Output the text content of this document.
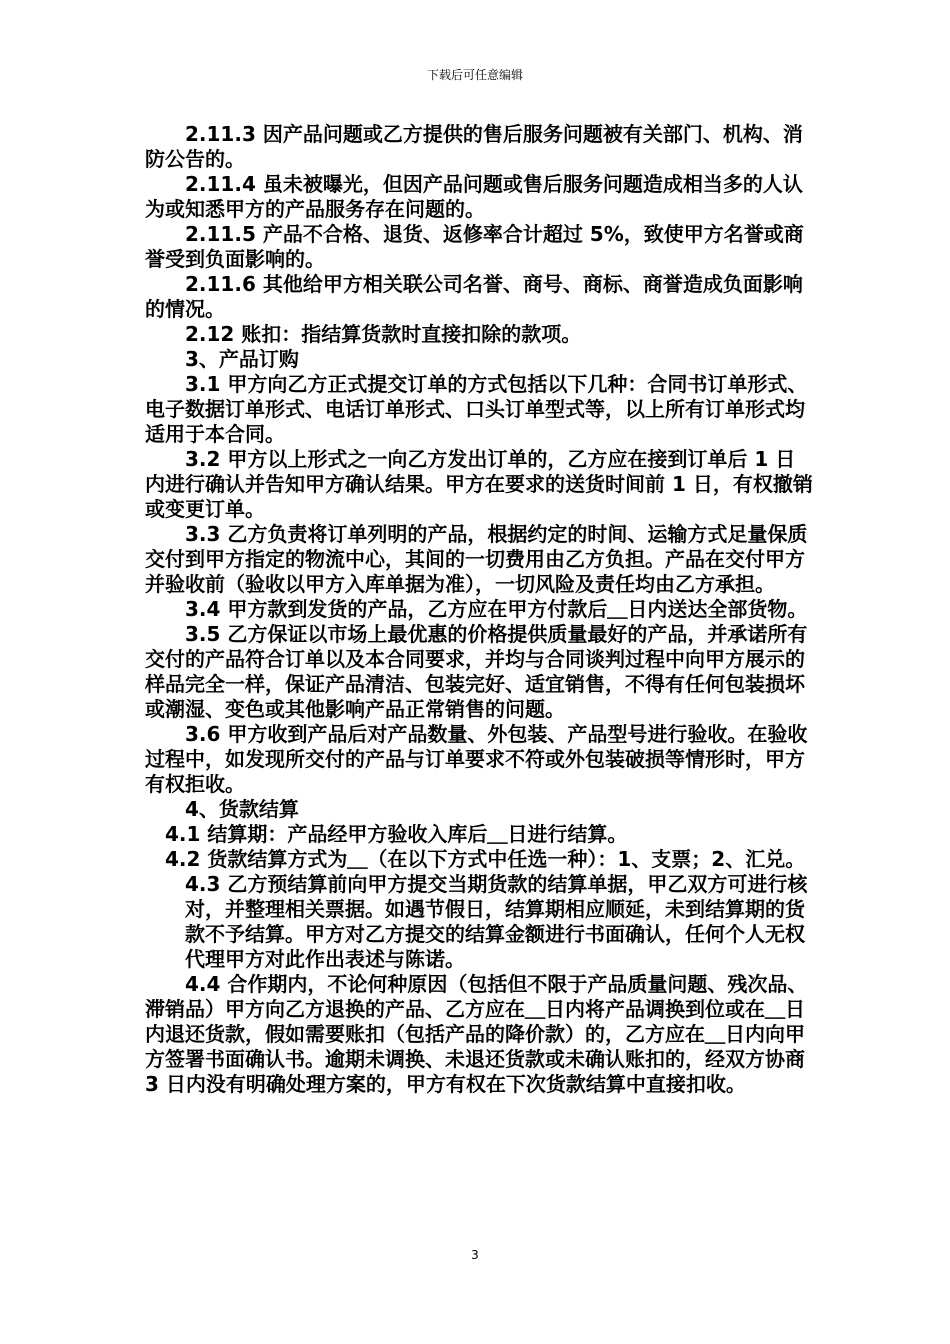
下载后可任意编辑

2.11.3 因产品问题或乙方提供的售后服务问题被有关部门、机构、消防公告的。

2.11.4 虽未被曝光，但因产品问题或售后服务问题造成相当多的人认为或知悉甲方的产品服务存在问题的。

2.11.5 产品不合格、退货、返修率合计超过 5%，致使甲方名誉或商誉受到负面影响的。

2.11.6 其他给甲方相关联公司名誉、商号、商标、商誉造成负面影响的情况。

2.12 账扣：指结算货款时直接扣除的款项。

3、产品订购

3.1 甲方向乙方正式提交订单的方式包括以下几种：合同书订单形式、电子数据订单形式、电话订单形式、口头订单型式等，以上所有订单形式均适用于本合同。

3.2 甲方以上形式之一向乙方发出订单的，乙方应在接到订单后 1 日内进行确认并告知甲方确认结果。甲方在要求的送货时间前 1 日，有权撤销或变更订单。

3.3 乙方负责将订单列明的产品，根据约定的时间、运输方式足量保质交付到甲方指定的物流中心，其间的一切费用由乙方负担。产品在交付甲方并验收前（验收以甲方入库单据为准），一切风险及责任均由乙方承担。

3.4 甲方款到发货的产品，乙方应在甲方付款后＿日内送达全部货物。

3.5 乙方保证以市场上最优惠的价格提供质量最好的产品，并承诺所有交付的产品符合订单以及本合同要求，并均与合同谈判过程中向甲方展示的样品完全一样，保证产品清洁、包装完好、适宜销售，不得有任何包装损坏或潮湿、变色或其他影响产品正常销售的问题。

3.6 甲方收到产品后对产品数量、外包装、产品型号进行验收。在验收过程中，如发现所交付的产品与订单要求不符或外包装破损等情形时，甲方有权拒收。

4、货款结算

4.1 结算期：产品经甲方验收入库后＿日进行结算。

4.2 货款结算方式为＿（在以下方式中任选一种）：1、支票；2、汇兑。

4.3 乙方预结算前向甲方提交当期货款的结算单据，甲乙双方可进行核对，并整理相关票据。如遇节假日，结算期相应顺延，未到结算期的货款不予结算。甲方对乙方提交的结算金额进行书面确认，任何个人无权代理甲方对此作出表述与陈诺。

4.4 合作期内，不论何种原因（包括但不限于产品质量问题、残次品、滞销品）甲方向乙方退换的产品、乙方应在＿日内将产品调换到位或在＿日内退还货款，假如需要账扣（包括产品的降价款）的，乙方应在＿日内向甲方签署书面确认书。逾期未调换、未退还货款或未确认账扣的，经双方协商 3 日内没有明确处理方案的，甲方有权在下次货款结算中直接扣收。

3
